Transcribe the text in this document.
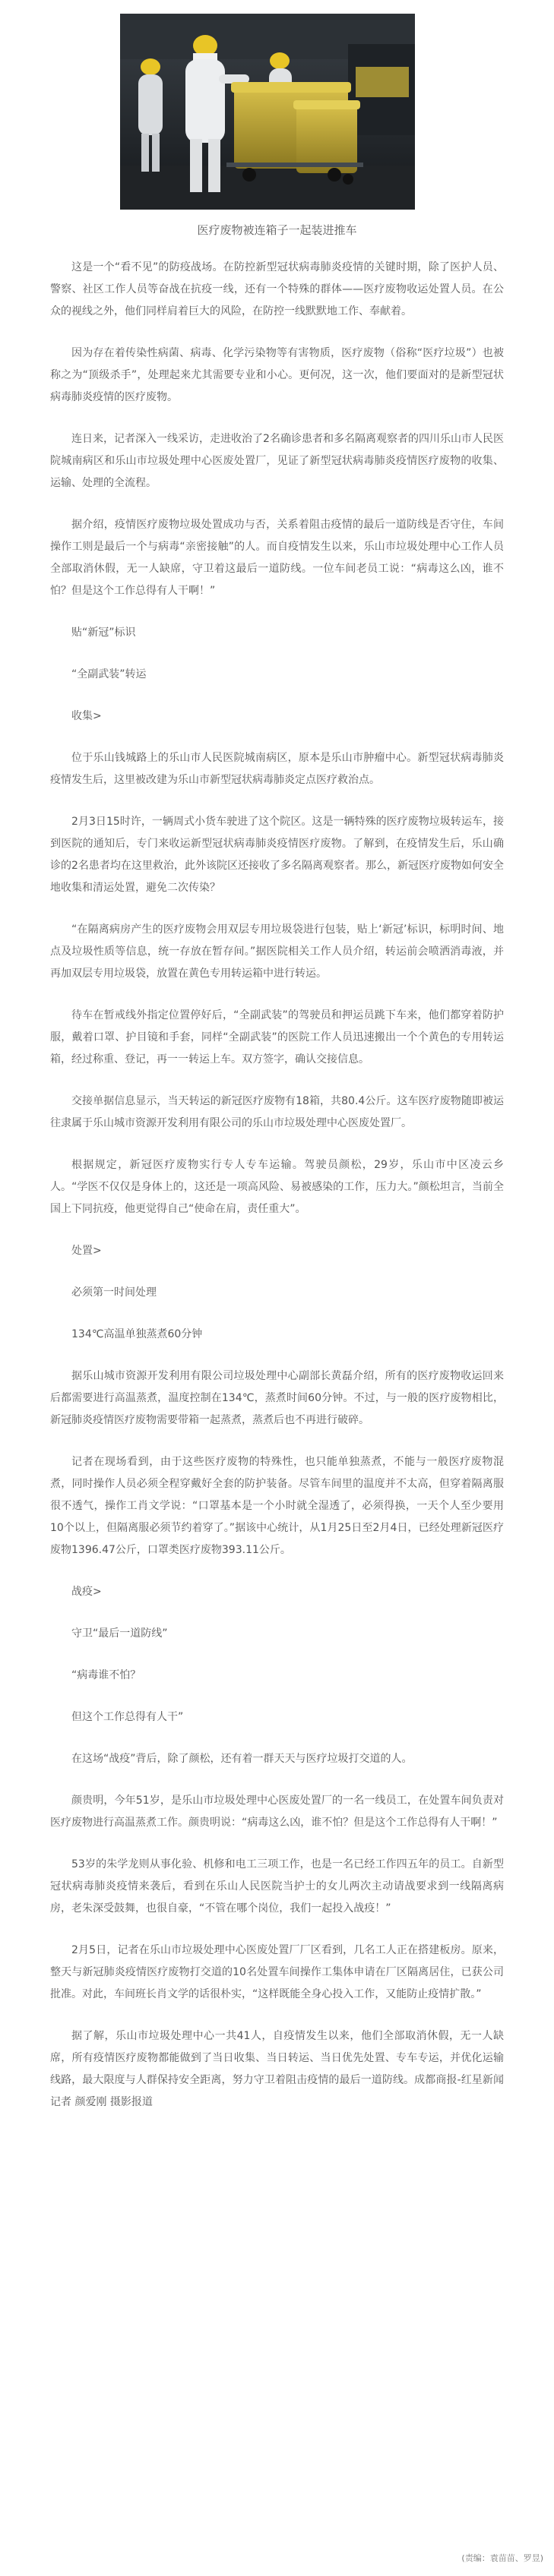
医疗废物被连箱子一起装进推车

这是一个“看不见”的防疫战场。在防控新型冠状病毒肺炎疫情的关键时期，除了医护人员、警察、社区工作人员等奋战在抗疫一线，还有一个特殊的群体——医疗废物收运处置人员。在公众的视线之外，他们同样肩着巨大的风险，在防控一线默默地工作、奉献着。

因为存在着传染性病菌、病毒、化学污染物等有害物质，医疗废物（俗称“医疗垃圾”）也被称之为“顶级杀手”，处理起来尤其需要专业和小心。更何况，这一次，他们要面对的是新型冠状病毒肺炎疫情的医疗废物。

连日来，记者深入一线采访，走进收治了2名确诊患者和多名隔离观察者的四川乐山市人民医院城南病区和乐山市垃圾处理中心医废处置厂，见证了新型冠状病毒肺炎疫情医疗废物的收集、运输、处理的全流程。

据介绍，疫情医疗废物垃圾处置成功与否，关系着阻击疫情的最后一道防线是否守住，车间操作工则是最后一个与病毒“亲密接触”的人。而自疫情发生以来，乐山市垃圾处理中心工作人员全部取消休假，无一人缺席，守卫着这最后一道防线。一位车间老员工说：“病毒这么凶，谁不怕？但是这个工作总得有人干啊！”

贴“新冠”标识

“全副武装”转运

收集>

位于乐山钱城路上的乐山市人民医院城南病区，原本是乐山市肿瘤中心。新型冠状病毒肺炎疫情发生后，这里被改建为乐山市新型冠状病毒肺炎定点医疗救治点。

2月3日15时许，一辆周式小货车驶进了这个院区。这是一辆特殊的医疗废物垃圾转运车，接到医院的通知后，专门来收运新型冠状病毒肺炎疫情医疗废物。了解到，在疫情发生后，乐山确诊的2名患者均在这里救治，此外该院区还接收了多名隔离观察者。那么，新冠医疗废物如何安全地收集和清运处置，避免二次传染？

“在隔离病房产生的医疗废物会用双层专用垃圾袋进行包装，贴上‘新冠’标识，标明时间、地点及垃圾性质等信息，统一存放在暂存间。”据医院相关工作人员介绍，转运前会喷洒消毒液，并再加双层专用垃圾袋，放置在黄色专用转运箱中进行转运。

待车在暂戒线外指定位置停好后，“全副武装”的驾驶员和押运员跳下车来，他们都穿着防护服，戴着口罩、护目镜和手套，同样“全副武装”的医院工作人员迅速搬出一个个黄色的专用转运箱，经过称重、登记，再一一转运上车。双方签字，确认交接信息。

交接单据信息显示，当天转运的新冠医疗废物有18箱，共80.4公斤。这车医疗废物随即被运往隶属于乐山城市资源开发利用有限公司的乐山市垃圾处理中心医废处置厂。

根据规定，新冠医疗废物实行专人专车运输。驾驶员颜松，29岁，乐山市中区凌云乡人。“学医不仅仅是身体上的，这还是一项高风险、易被感染的工作，压力大。”颜松坦言，当前全国上下同抗疫，他更觉得自己“使命在肩，责任重大”。

处置>

必须第一时间处理

134℃高温单独蒸煮60分钟

据乐山城市资源开发利用有限公司垃圾处理中心副部长黄磊介绍，所有的医疗废物收运回来后都需要进行高温蒸煮，温度控制在134℃，蒸煮时间60分钟。不过，与一般的医疗废物相比，新冠肺炎疫情医疗废物需要带箱一起蒸煮，蒸煮后也不再进行破碎。

记者在现场看到，由于这些医疗废物的特殊性，也只能单独蒸煮，不能与一般医疗废物混煮，同时操作人员必须全程穿戴好全套的防护装备。尽管车间里的温度并不太高，但穿着隔离服很不透气，操作工肖文学说：“口罩基本是一个小时就全湿透了，必须得换，一天个人至少要用10个以上，但隔离服必须节约着穿了。”据该中心统计，从1月25日至2月4日，已经处理新冠医疗废物1396.47公斤，口罩类医疗废物393.11公斤。

战疫>

守卫“最后一道防线”

“病毒谁不怕？

但这个工作总得有人干”

在这场“战疫”背后，除了颜松，还有着一群天天与医疗垃圾打交道的人。

颜贵明，今年51岁，是乐山市垃圾处理中心医废处置厂的一名一线员工，在处置车间负责对医疗废物进行高温蒸煮工作。颜贵明说：“病毒这么凶，谁不怕？但是这个工作总得有人干啊！”

53岁的朱学龙则从事化验、机修和电工三项工作，也是一名已经工作四五年的员工。自新型冠状病毒肺炎疫情来袭后，看到在乐山人民医院当护士的女儿两次主动请战要求到一线隔离病房，老朱深受鼓舞，也很自豪，“不管在哪个岗位，我们一起投入战疫！”

2月5日，记者在乐山市垃圾处理中心医废处置厂厂区看到，几名工人正在搭建板房。原来，整天与新冠肺炎疫情医疗废物打交道的10名处置车间操作工集体申请在厂区隔离居住，已获公司批准。对此，车间班长肖文学的话很朴实，“这样既能全身心投入工作，又能防止疫情扩散。”

据了解，乐山市垃圾处理中心一共41人，自疫情发生以来，他们全部取消休假，无一人缺席，所有疫情医疗废物都能做到了当日收集、当日转运、当日优先处置、专车专运，并优化运输线路，最大限度与人群保持安全距离，努力守卫着阻击疫情的最后一道防线。成都商报-红星新闻记者 颜爱刚 摄影报道

(责编：袁苗苗、罗昱)
